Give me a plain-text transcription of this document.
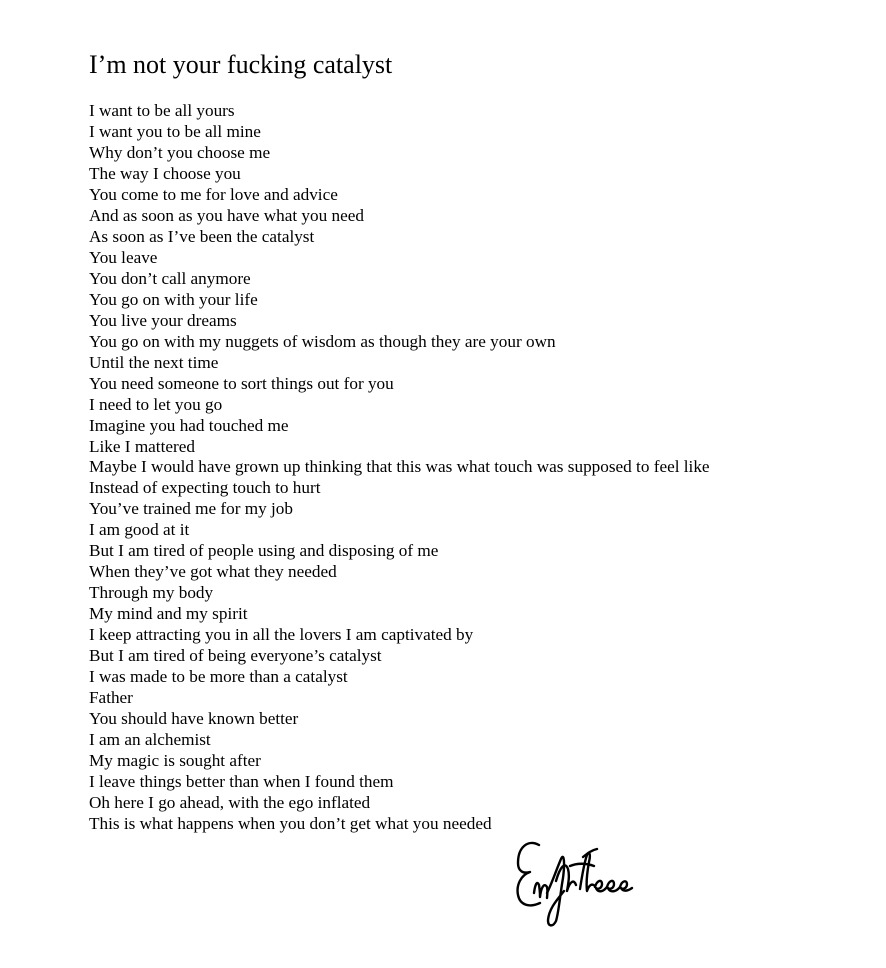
I’m not your fucking catalyst
I want to be all yours
I want you to be all mine
Why don’t you choose me
The way I choose you
You come to me for love and advice
And as soon as you have what you need
As soon as I’ve been the catalyst
You leave
You don’t call anymore
You go on with your life
You live your dreams
You go on with my nuggets of wisdom as though they are your own
Until the next time
You need someone to sort things out for you
I need to let you go
Imagine you had touched me
Like I mattered
Maybe I would have grown up thinking that this was what touch was supposed to feel like
Instead of expecting touch to hurt
You’ve trained me for my job
I am good at it
But I am tired of people using and disposing of me
When they’ve got what they needed
Through my body
My mind and my spirit
I keep attracting you in all the lovers I am captivated by
But I am tired of being everyone’s catalyst
I was made to be more than a catalyst
Father
You should have known better
I am an alchemist
My magic is sought after
I leave things better than when I found them
Oh here I go ahead, with the ego inflated
This is what happens when you don’t get what you needed
